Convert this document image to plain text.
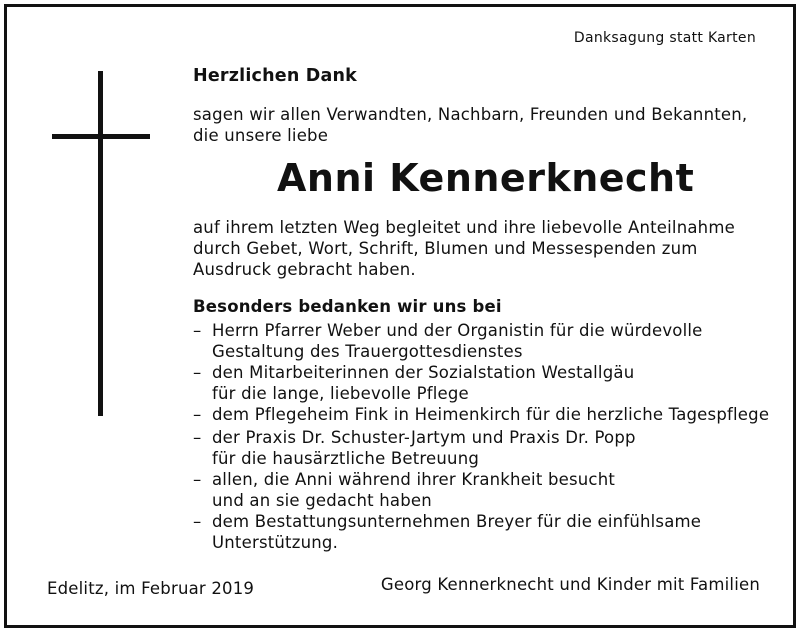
Danksagung statt Karten
Herzlichen Dank
sagen wir allen Verwandten, Nachbarn, Freunden und Bekannten,
die unsere liebe
Anni Kennerknecht
auf ihrem letzten Weg begleitet und ihre liebevolle Anteilnahme
durch Gebet, Wort, Schrift, Blumen und Messespenden zum
Ausdruck gebracht haben.
Besonders bedanken wir uns bei
– Herrn Pfarrer Weber und der Organistin für die würdevolle
Gestaltung des Trauergottesdienstes
– den Mitarbeiterinnen der Sozialstation Westallgäu
für die lange, liebevolle Pflege
– dem Pflegeheim Fink in Heimenkirch für die herzliche Tagespflege
– der Praxis Dr. Schuster-Jartym und Praxis Dr. Popp
für die hausärztliche Betreuung
– allen, die Anni während ihrer Krankheit besucht
und an sie gedacht haben
– dem Bestattungsunternehmen Breyer für die einfühlsame
Unterstützung.
Edelitz, im Februar 2019	Georg Kennerknecht und Kinder mit Familien
